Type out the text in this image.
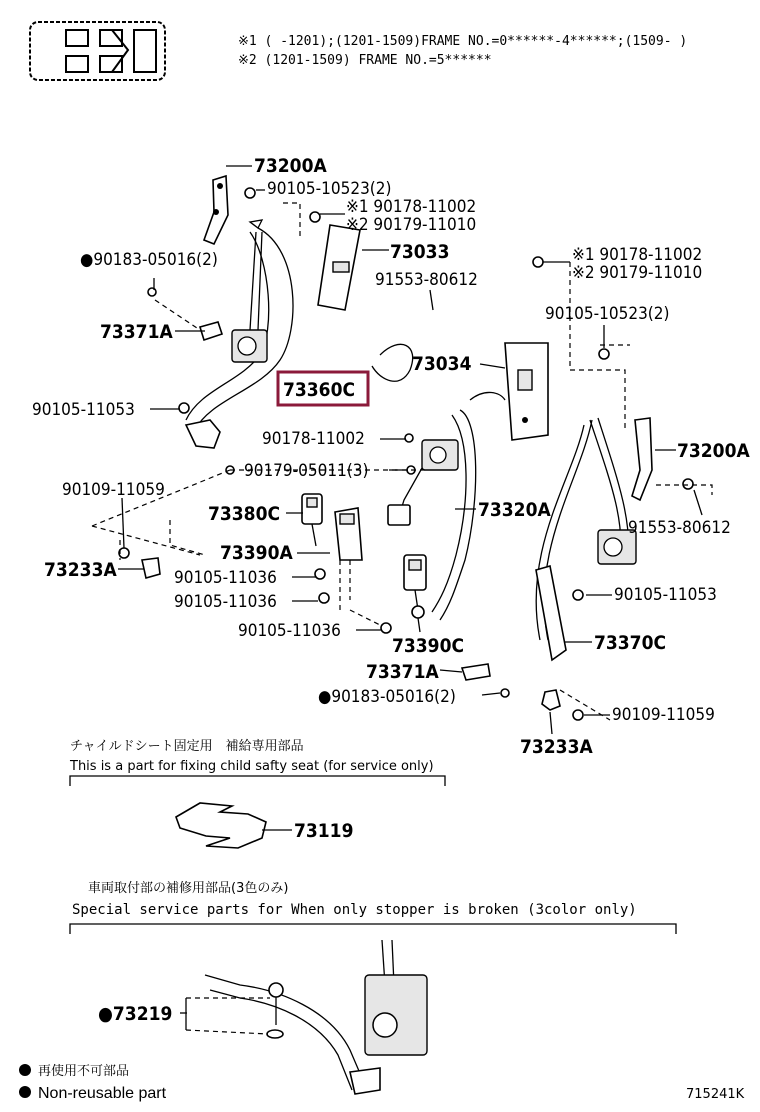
※1 ( -1201);(1201-1509)FRAME NO.=0******-4******;(1509- )
※2 (1201-1509) FRAME NO.=5******
73200A
90105-10523(2)
※1 90178-11002
※2 90179-11010
●90183-05016(2)	73033
91553-80612
73371A
※1 90178-11002
※2 90179-11010
90105-10523(2)
73034
73360C
90105-11053
90178-11002
73200A
90179-05011(3)
90109-11059
73320A
73380C
91553-80612
73390A
73233A	90105-11036
90105-11036	90105-11053
90105-11036
73390C	73370C
73371A
●90183-05016(2)
90109-11059
73233A
チャイルドシート固定用　補給専用部品
This is a part for fixing child safty seat (for service only)
73119
車両取付部の補修用部品(3色のみ)
Special service parts for When only stopper is broken (3color only)
●73219
再使用不可部品
Non-reusable part	715241K
